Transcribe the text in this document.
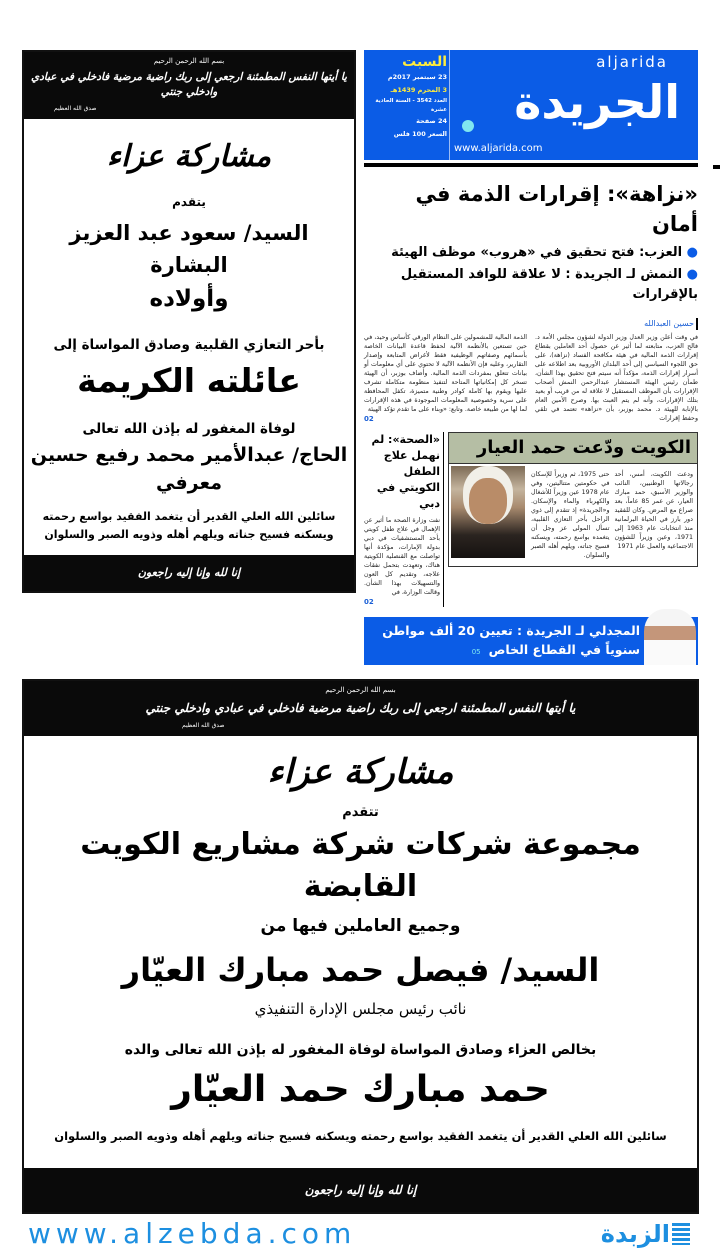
بسم الله الرحمن الرحيم
يا أيتها النفس المطمئنة ارجعي إلى ربك راضية مرضية فادخلي في عبادي وادخلي جنتي
صدق الله العظيم
مشاركة عزاء
يتقدم
السيد/ سعود عبد العزيز البشارة
وأولاده
بأحر التعازي القلبية وصادق المواساة إلى
عائلته الكريمة
لوفاة المغفور له بإذن الله تعالى
الحاج/ عبدالأمير محمد رفيع حسين معرفي
سائلين الله العلي القدير أن يتغمد الفقيد بواسع رحمته
ويسكنه فسيح جناته ويلهم أهله وذويه الصبر والسلوان
إنا لله وإنا إليه راجعون
aljarida
الجريدة
www.aljarida.com
السبت
23 سبتمبر 2017م
3 المحرم 1439هـ
العدد 3542 - السنة الحادية عشرة
24 صفحة
السعر 100 فلس
«نزاهة»: إقرارات الذمة في أمان
● العزب: فتح تحقيق في «هروب» موظف الهيئة
● النمش لـ الجريدة : لا علاقة للوافد المستقيل بالإقرارات
حسين العبدالله
في وقت أعلن وزير العدل وزير الدولة لشؤون مجلس الأمة د. فالح العزب، متابعته لما أثير عن حصول أحد العاملين بقطاع إقرارات الذمة المالية في هيئة مكافحة الفساد (نزاهة)، على حق اللجوء السياسي إلى أحد البلدان الأوروبية بعد اطلاعه على أسرار إقرارات الذمة، مؤكداً أنه سيتم فتح تحقيق بهذا الشأن، طمأن رئيس الهيئة المستشار عبدالرحمن النمش أصحاب الإقرارات بأن الموظف المستقيل لا علاقة له من قريب أو بعيد بتلك الإقرارات، وأنه لم يتم العبث بها. وصرح الأمين العام بالإنابة للهيئة د. محمد بوزبر، بأن «نزاهة» تعتمد في تلقي وحفظ إقرارات
الذمة المالية للمشمولين على النظام الورقي كأساس وحيد، في حين تستعين بالأنظمة الآلية لحفظ قاعدة البيانات الخاصة بأسمائهم وصفاتهم الوظيفية فقط لأغراض المتابعة وإصدار التقارير، وعليه فإن الأنظمة الآلية لا تحتوي على أي معلومات أو بيانات تتعلق بمفردات الذمة المالية. وأضاف بوزبر، أن الهيئة تسخر كل إمكانياتها المتاحة لتنفيذ منظومة متكاملة تشرف عليها ويقوم بها كاملة كوادر وطنية متميزة، تكفل المحافظة على سرية وخصوصية المعلومات الموجودة في هذه الإقرارات لما لها من طبيعة خاصة. وتابع: «وبناء على ما تقدم تؤكد الهيئة
02
«الصحة»: لم نهمل علاج الطفل الكويتي في دبي
نفت وزارة الصحة ما أثير عن الإهمال في علاج طفل كويتي بأحد المستشفيات في دبي بدولة الإمارات، مؤكدة أنها تواصلت مع القنصلية الكويتية هناك، وتعهدت بتحمل نفقات علاجه، وتقديم كل العون والتسهيلات بهذا الشأن. وقالت الوزارة، في
02
الكويت ودّعت حمد العيار
ودعت الكويت، أمس، أحد رجالاتها الوطنيين، النائب والوزير الأسبق، حمد مبارك العيار، عن عمر 85 عاماً، بعد صراع مع المرض. وكان للفقيد دور بارز في الحياة البرلمانية منذ انتخابات عام 1963 إلى 1971، وعين وزيراً للشؤون الاجتماعية والعمل عام 1971
حتى 1975، ثم وزيراً للإسكان في حكومتين متتاليتين، وفي عام 1978 عين وزيراً للأشغال والكهرباء والماء والإسكان. و«الجريدة» إذ تتقدم إلى ذوي الراحل بأحر التعازي القلبية، تسأل المولى عز وجل أن يتغمده بواسع رحمته، ويسكنه فسيح جناته، ويلهم أهله الصبر والسلوان.
المجدلي لـ الجريدة : تعيين 20 ألف مواطن
سنوياً في القطاع الخاص
05
بسم الله الرحمن الرحيم
يا أيتها النفس المطمئنة ارجعي إلى ربك راضية مرضية فادخلي في عبادي وادخلي جنتي
صدق الله العظيم
مشاركة عزاء
تتقدم
مجموعة شركات شركة مشاريع الكويت القابضة
وجميع العاملين فيها من
السيد/ فيصل حمد مبارك العيّار
نائب رئيس مجلس الإدارة التنفيذي
بخالص العزاء وصادق المواساة لوفاة المغفور له بإذن الله تعالى والده
حمد مبارك حمد العيّار
سائلين الله العلي القدير أن يتغمد الفقيد بواسع رحمته ويسكنه فسيح جناته ويلهم أهله وذويه الصبر والسلوان
إنا لله وإنا إليه راجعون
www.alzebda.com	الزبدة
